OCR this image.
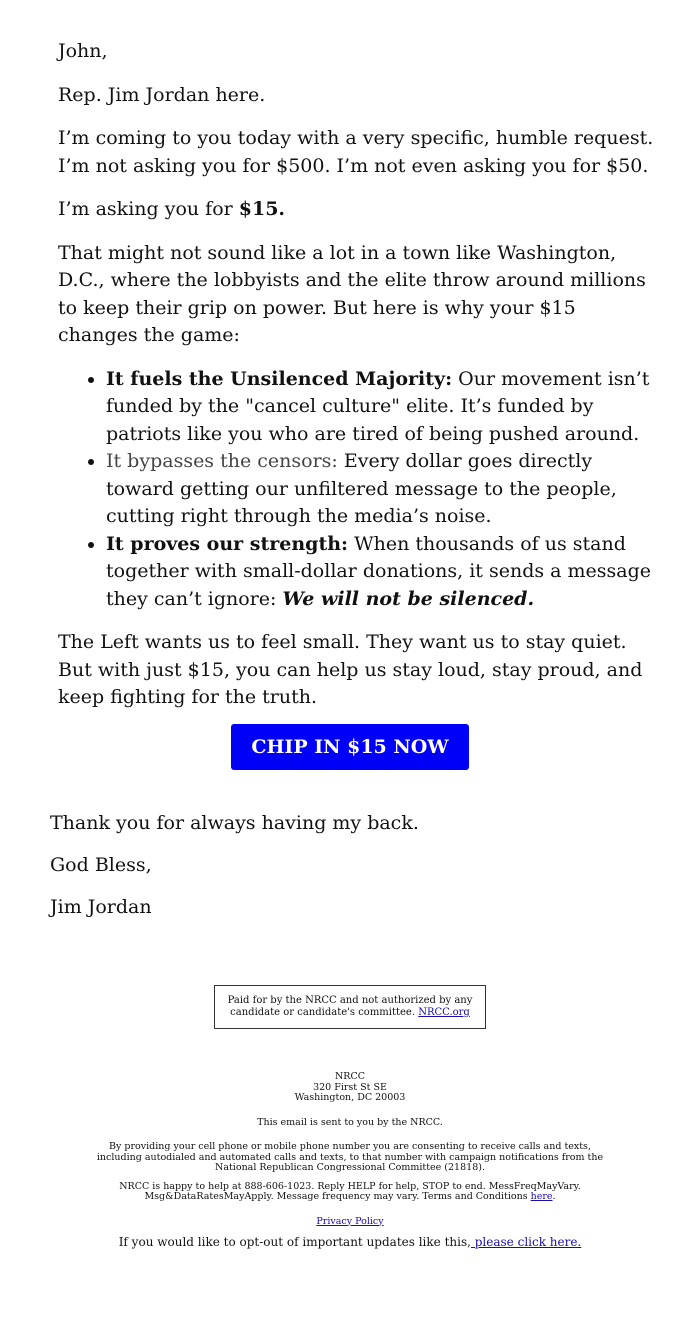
John,

Rep. Jim Jordan here.

I’m coming to you today with a very specific, humble request. I’m not asking you for $500. I’m not even asking you for $50.

I’m asking you for $15.

That might not sound like a lot in a town like Washington, D.C., where the lobbyists and the elite throw around millions to keep their grip on power. But here is why your $15 changes the game:

• It fuels the Unsilenced Majority: Our movement isn’t funded by the "cancel culture" elite. It’s funded by patriots like you who are tired of being pushed around.
• It bypasses the censors: Every dollar goes directly toward getting our unfiltered message to the people, cutting right through the media’s noise.
• It proves our strength: When thousands of us stand together with small-dollar donations, it sends a message they can’t ignore: We will not be silenced.

The Left wants us to feel small. They want us to stay quiet. But with just $15, you can help us stay loud, stay proud, and keep fighting for the truth.

CHIP IN $15 NOW

Thank you for always having my back.

God Bless,

Jim Jordan

Paid for by the NRCC and not authorized by any candidate or candidate's committee. NRCC.org
NRCC
320 First St SE
Washington, DC 20003
This email is sent to you by the NRCC.
By providing your cell phone or mobile phone number you are consenting to receive calls and texts, including autodialed and automated calls and texts, to that number with campaign notifications from the National Republican Congressional Committee (21818).
NRCC is happy to help at 888-606-1023. Reply HELP for help, STOP to end. MessFreqMayVary. Msg&DataRatesMayApply. Message frequency may vary. Terms and Conditions here.
Privacy Policy
If you would like to opt-out of important updates like this, please click here.
